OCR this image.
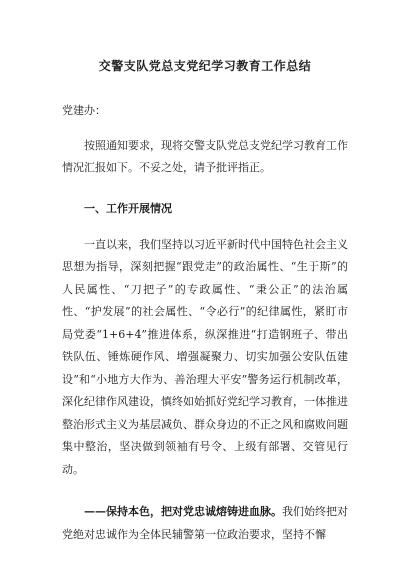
交警支队党总支党纪学习教育工作总结

党建办：

按照通知要求，现将交警支队党总支党纪学习教育工作情况汇报如下。不妥之处，请予批评指正。

一、工作开展情况

一直以来，我们坚持以习近平新时代中国特色社会主义思想为指导，深刻把握“跟党走”的政治属性、“生于斯”的人民属性、“刀把子”的专政属性、“秉公正”的法治属性、“护发展”的社会属性、“令必行”的纪律属性，紧盯市局党委“1+6+4”推进体系，纵深推进“打造钢班子、带出铁队伍、锤炼硬作风、增强凝聚力、切实加强公安队伍建设”和“小地方大作为、善治理大平安”警务运行机制改革，深化纪律作风建设，慎终如始抓好党纪学习教育，一体推进整治形式主义为基层减负、群众身边的不正之风和腐败问题集中整治，坚决做到领袖有号令、上级有部署、交管见行动。

——保持本色，把对党忠诚熔铸进血脉。我们始终把对党绝对忠诚作为全体民辅警第一位政治要求，坚持不懈
